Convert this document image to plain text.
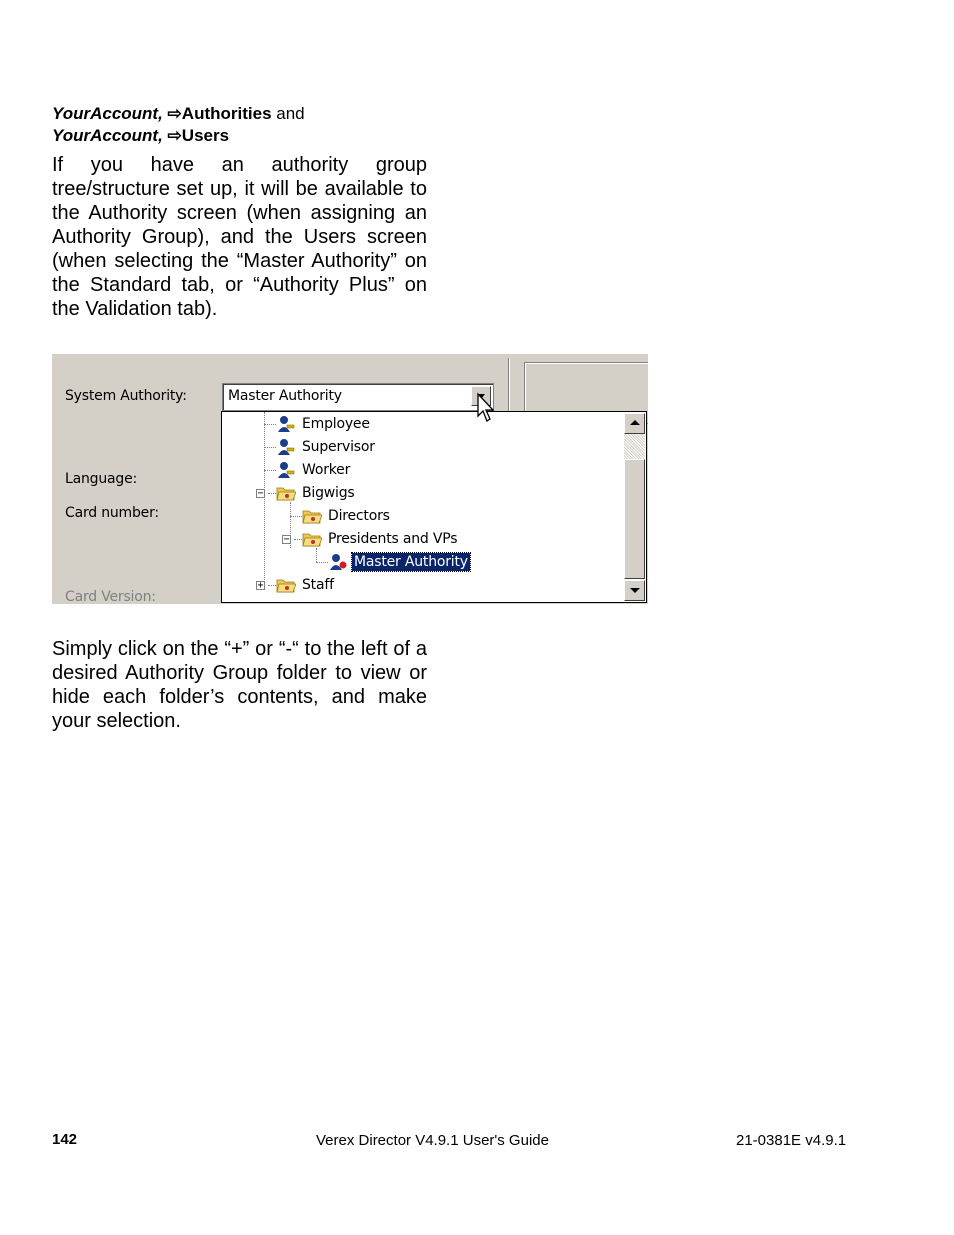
YourAccount, ⇨Authorities and
YourAccount, ⇨Users

If you have an authority group tree/structure set up, it will be available to the Authority screen (when assigning an Authority Group), and the Users screen (when selecting the “Master Authority” on the Standard tab, or “Authority Plus” on the Validation tab).

System Authority:
Language:
Card number:
Card Version:
Master Authority
−
−
+
Employee
Supervisor
Worker
Bigwigs
Directors
Presidents and VPs
Master Authority
Staff

Simply click on the “+” or “-“ to the left of a desired Authority Group folder to view or hide each folder’s contents, and make your selection.

142	Verex Director V4.9.1 User's Guide	21-0381E v4.9.1
